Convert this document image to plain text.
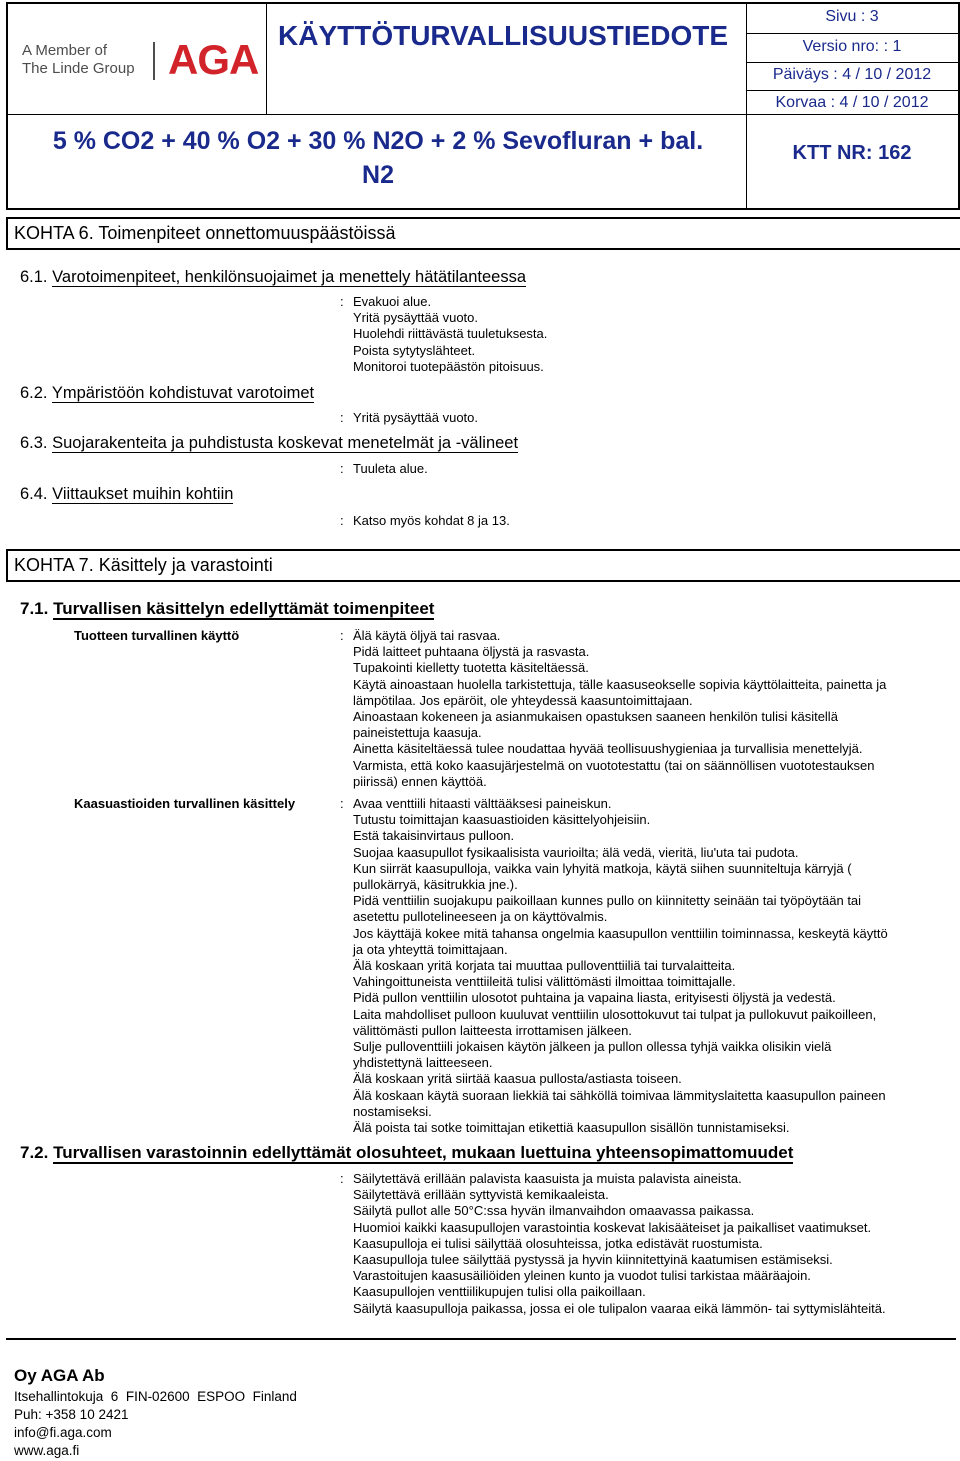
A Member of
The Linde Group AGA
KÄYTTÖTURVALLISUUSTIEDOTE
5 % CO2 + 40 % O2 + 30 % N2O + 2 % Sevofluran + bal.
N2
Sivu : 3
Versio nro: : 1
Päiväys : 4 / 10 / 2012
Korvaa : 4 / 10 / 2012
KTT NR: 162
KOHTA 6. Toimenpiteet onnettomuuspäästöissä
6.1. Varotoimenpiteet, henkilönsuojaimet ja menettely hätätilanteessa
: Evakuoi alue.
Yritä pysäyttää vuoto.
Huolehdi riittävästä tuuletuksesta.
Poista sytytyslähteet.
Monitoroi tuotepäästön pitoisuus.
6.2. Ympäristöön kohdistuvat varotoimet
: Yritä pysäyttää vuoto.
6.3. Suojarakenteita ja puhdistusta koskevat menetelmät ja -välineet
: Tuuleta alue.
6.4. Viittaukset muihin kohtiin
: Katso myös kohdat 8 ja 13.
KOHTA 7. Käsittely ja varastointi
7.1. Turvallisen käsittelyn edellyttämät toimenpiteet
Tuotteen turvallinen käyttö	: Älä käytä öljyä tai rasvaa.
Pidä laitteet puhtaana öljystä ja rasvasta.
Tupakointi kielletty tuotetta käsiteltäessä.
Käytä ainoastaan huolella tarkistettuja, tälle kaasuseokselle sopivia käyttölaitteita, painetta ja
lämpötilaa. Jos epäröit, ole yhteydessä kaasuntoimittajaan.
Ainoastaan kokeneen ja asianmukaisen opastuksen saaneen henkilön tulisi käsitellä
paineistettuja kaasuja.
Ainetta käsiteltäessä tulee noudattaa hyvää teollisuushygieniaa ja turvallisia menettelyjä.
Varmista, että koko kaasujärjestelmä on vuototestattu (tai on säännöllisen vuototestauksen
piirissä) ennen käyttöä.
Kaasuastioiden turvallinen käsittely	: Avaa venttiili hitaasti välttääksesi paineiskun.
Tutustu toimittajan kaasuastioiden käsittelyohjeisiin.
Estä takaisinvirtaus pulloon.
Suojaa kaasupullot fysikaalisista vaurioilta; älä vedä, vieritä, liu'uta tai pudota.
Kun siirrät kaasupulloja, vaikka vain lyhyitä matkoja, käytä siihen suunniteltuja kärryjä (
pullokärryä, käsitrukkia jne.).
Pidä venttiilin suojakupu paikoillaan kunnes pullo on kiinnitetty seinään tai työpöytään tai
asetettu pullotelineeseen ja on käyttövalmis.
Jos käyttäjä kokee mitä tahansa ongelmia kaasupullon venttiilin toiminnassa, keskeytä käyttö
ja ota yhteyttä toimittajaan.
Älä koskaan yritä korjata tai muuttaa pulloventtiiliä tai turvalaitteita.
Vahingoittuneista venttiileitä tulisi välittömästi ilmoittaa toimittajalle.
Pidä pullon venttiilin ulosotot puhtaina ja vapaina liasta, erityisesti öljystä ja vedestä.
Laita mahdolliset pulloon kuuluvat venttiilin ulosottokuvut tai tulpat ja pullokuvut paikoilleen,
välittömästi pullon laitteesta irrottamisen jälkeen.
Sulje pulloventtiili jokaisen käytön jälkeen ja pullon ollessa tyhjä vaikka olisikin vielä
yhdistettynä laitteeseen.
Älä koskaan yritä siirtää kaasua pullosta/astiasta toiseen.
Älä koskaan käytä suoraan liekkiä tai sähköllä toimivaa lämmityslaitetta kaasupullon paineen
nostamiseksi.
Älä poista tai sotke toimittajan etikettiä kaasupullon sisällön tunnistamiseksi.
7.2. Turvallisen varastoinnin edellyttämät olosuhteet, mukaan luettuina yhteensopimattomuudet
: Säilytettävä erillään palavista kaasuista ja muista palavista aineista.
Säilytettävä erillään syttyvistä kemikaaleista.
Säilytä pullot alle 50°C:ssa hyvän ilmanvaihdon omaavassa paikassa.
Huomioi kaikki kaasupullojen varastointia koskevat lakisääteiset ja paikalliset vaatimukset.
Kaasupulloja ei tulisi säilyttää olosuhteissa, jotka edistävät ruostumista.
Kaasupulloja tulee säilyttää pystyssä ja hyvin kiinnitettyinä kaatumisen estämiseksi.
Varastoitujen kaasusäiliöiden yleinen kunto ja vuodot tulisi tarkistaa määräajoin.
Kaasupullojen venttiilikupujen tulisi olla paikoillaan.
Säilytä kaasupulloja paikassa, jossa ei ole tulipalon vaaraa eikä lämmön- tai syttymislähteitä.
Oy AGA Ab
Itsehallintokuja  6  FIN-02600  ESPOO  Finland
Puh: +358 10 2421
info@fi.aga.com
www.aga.fi
